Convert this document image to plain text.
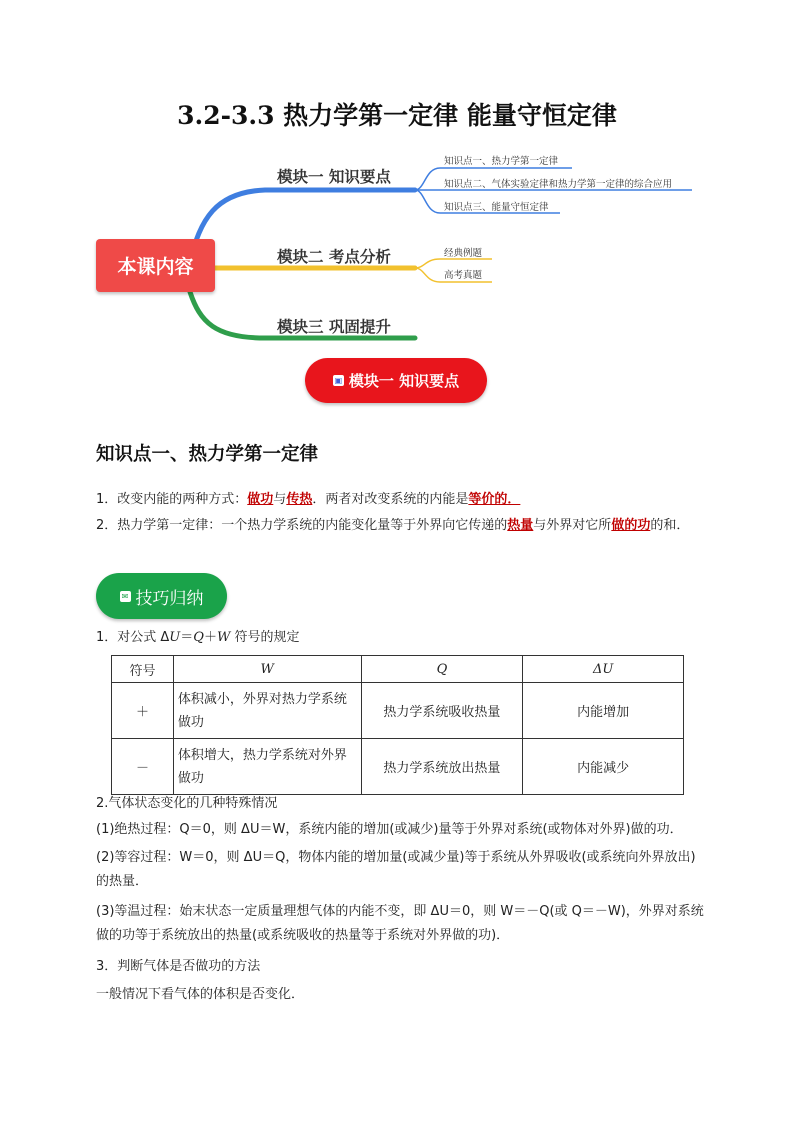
3.2-3.3 热力学第一定律 能量守恒定律
本课内容
模块一 知识要点
模块二 考点分析
模块三 巩固提升
知识点一、热力学第一定律
知识点二、气体实验定律和热力学第一定律的综合应用
知识点三、能量守恒定律
经典例题
高考真题
▣ 模块一 知识要点
知识点一、热力学第一定律
1．改变内能的两种方式：做功与传热．两者对改变系统的内能是等价的．
2．热力学第一定律：一个热力学系统的内能变化量等于外界向它传递的热量与外界对它所做的功的和．
✉ 技巧归纳
1．对公式 ΔU＝Q＋W 符号的规定
符号	W	Q	ΔU
＋	体积减小，外界对热力学系统做功	热力学系统吸收热量	内能增加
－	体积增大，热力学系统对外界做功	热力学系统放出热量	内能减少
2.气体状态变化的几种特殊情况
(1)绝热过程：Q＝0，则 ΔU＝W，系统内能的增加(或减少)量等于外界对系统(或物体对外界)做的功．
(2)等容过程：W＝0，则 ΔU＝Q，物体内能的增加量(或减少量)等于系统从外界吸收(或系统向外界放出)的热量．
(3)等温过程：始末状态一定质量理想气体的内能不变，即 ΔU＝0，则 W＝－Q(或 Q＝－W)，外界对系统做的功等于系统放出的热量(或系统吸收的热量等于系统对外界做的功)．
3．判断气体是否做功的方法
一般情况下看气体的体积是否变化．
